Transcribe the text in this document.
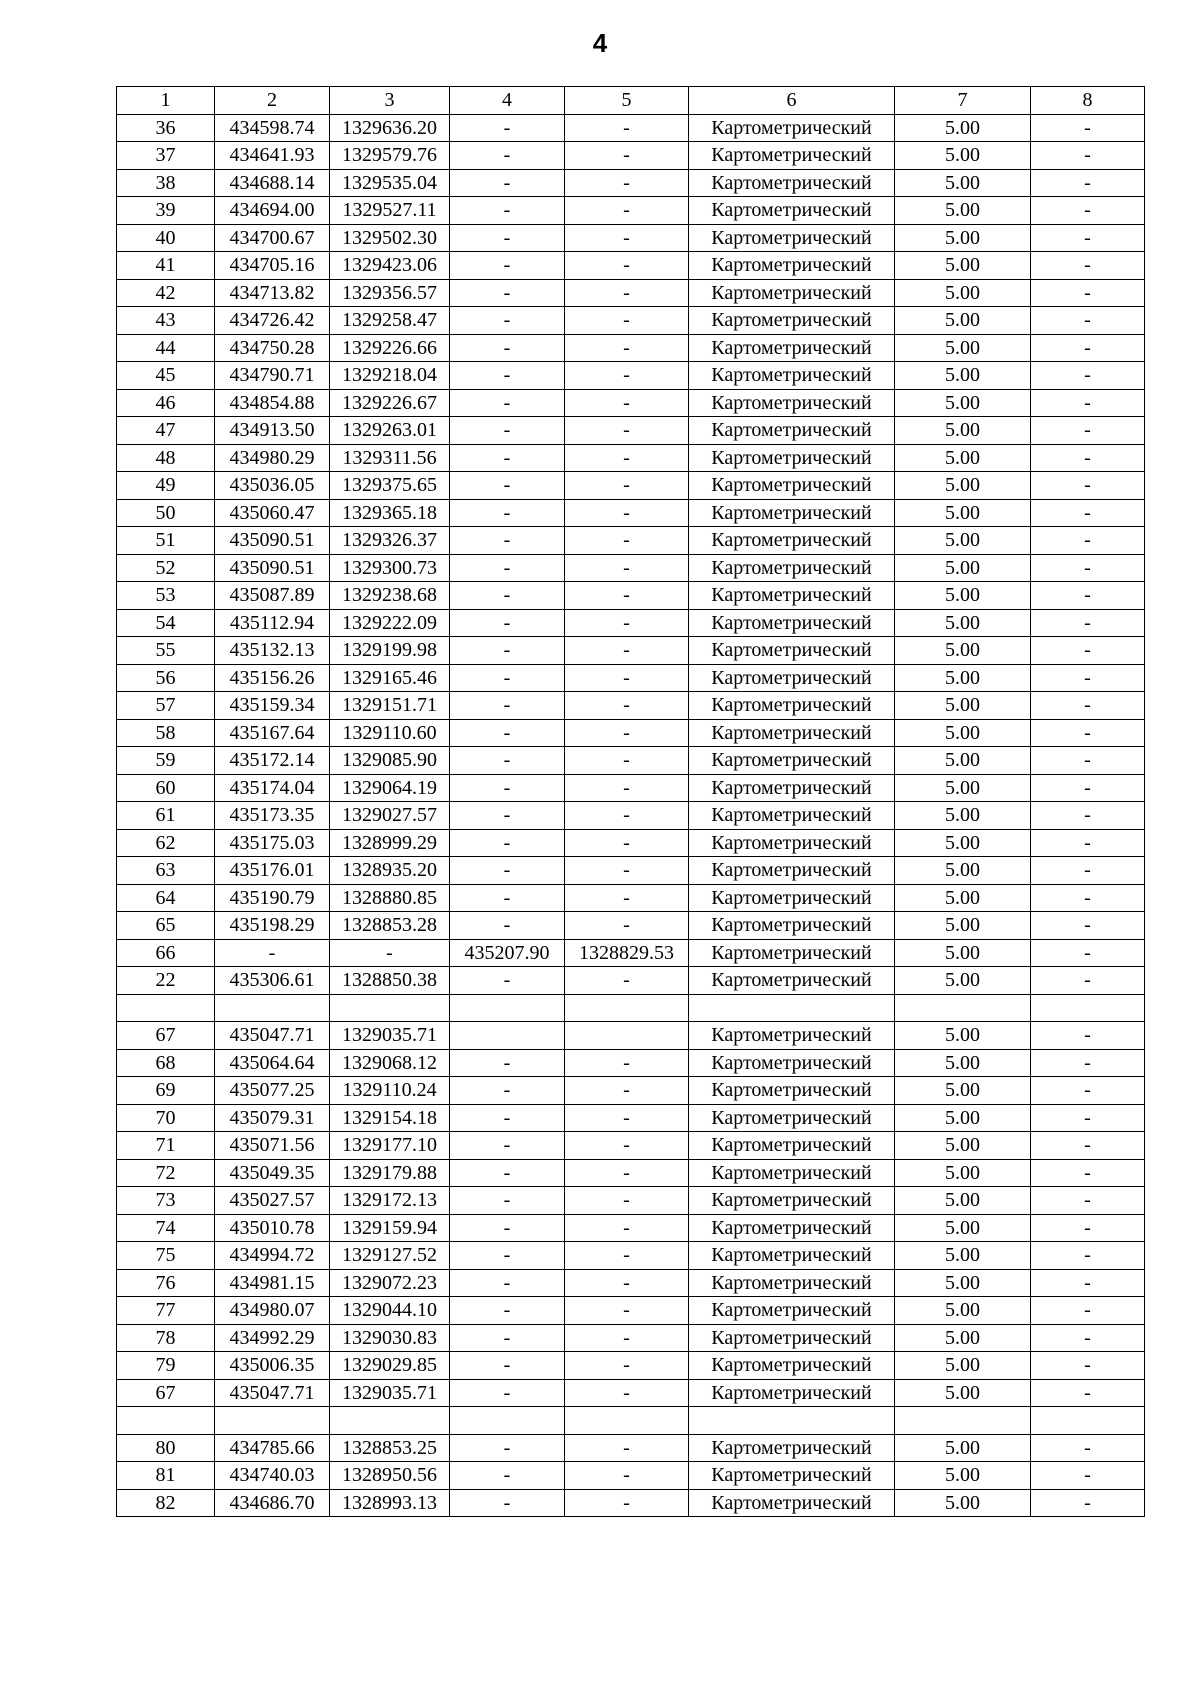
4
1	2	3	4	5	6	7	8
36	434598.74	1329636.20	-	-	Картометрический	5.00	-
37	434641.93	1329579.76	-	-	Картометрический	5.00	-
38	434688.14	1329535.04	-	-	Картометрический	5.00	-
39	434694.00	1329527.11	-	-	Картометрический	5.00	-
40	434700.67	1329502.30	-	-	Картометрический	5.00	-
41	434705.16	1329423.06	-	-	Картометрический	5.00	-
42	434713.82	1329356.57	-	-	Картометрический	5.00	-
43	434726.42	1329258.47	-	-	Картометрический	5.00	-
44	434750.28	1329226.66	-	-	Картометрический	5.00	-
45	434790.71	1329218.04	-	-	Картометрический	5.00	-
46	434854.88	1329226.67	-	-	Картометрический	5.00	-
47	434913.50	1329263.01	-	-	Картометрический	5.00	-
48	434980.29	1329311.56	-	-	Картометрический	5.00	-
49	435036.05	1329375.65	-	-	Картометрический	5.00	-
50	435060.47	1329365.18	-	-	Картометрический	5.00	-
51	435090.51	1329326.37	-	-	Картометрический	5.00	-
52	435090.51	1329300.73	-	-	Картометрический	5.00	-
53	435087.89	1329238.68	-	-	Картометрический	5.00	-
54	435112.94	1329222.09	-	-	Картометрический	5.00	-
55	435132.13	1329199.98	-	-	Картометрический	5.00	-
56	435156.26	1329165.46	-	-	Картометрический	5.00	-
57	435159.34	1329151.71	-	-	Картометрический	5.00	-
58	435167.64	1329110.60	-	-	Картометрический	5.00	-
59	435172.14	1329085.90	-	-	Картометрический	5.00	-
60	435174.04	1329064.19	-	-	Картометрический	5.00	-
61	435173.35	1329027.57	-	-	Картометрический	5.00	-
62	435175.03	1328999.29	-	-	Картометрический	5.00	-
63	435176.01	1328935.20	-	-	Картометрический	5.00	-
64	435190.79	1328880.85	-	-	Картометрический	5.00	-
65	435198.29	1328853.28	-	-	Картометрический	5.00	-
66	-	-	435207.90	1328829.53	Картометрический	5.00	-
22	435306.61	1328850.38	-	-	Картометрический	5.00	-

67	435047.71	1329035.71			Картометрический	5.00	-
68	435064.64	1329068.12	-	-	Картометрический	5.00	-
69	435077.25	1329110.24	-	-	Картометрический	5.00	-
70	435079.31	1329154.18	-	-	Картометрический	5.00	-
71	435071.56	1329177.10	-	-	Картометрический	5.00	-
72	435049.35	1329179.88	-	-	Картометрический	5.00	-
73	435027.57	1329172.13	-	-	Картометрический	5.00	-
74	435010.78	1329159.94	-	-	Картометрический	5.00	-
75	434994.72	1329127.52	-	-	Картометрический	5.00	-
76	434981.15	1329072.23	-	-	Картометрический	5.00	-
77	434980.07	1329044.10	-	-	Картометрический	5.00	-
78	434992.29	1329030.83	-	-	Картометрический	5.00	-
79	435006.35	1329029.85	-	-	Картометрический	5.00	-
67	435047.71	1329035.71	-	-	Картометрический	5.00	-

80	434785.66	1328853.25	-	-	Картометрический	5.00	-
81	434740.03	1328950.56	-	-	Картометрический	5.00	-
82	434686.70	1328993.13	-	-	Картометрический	5.00	-
